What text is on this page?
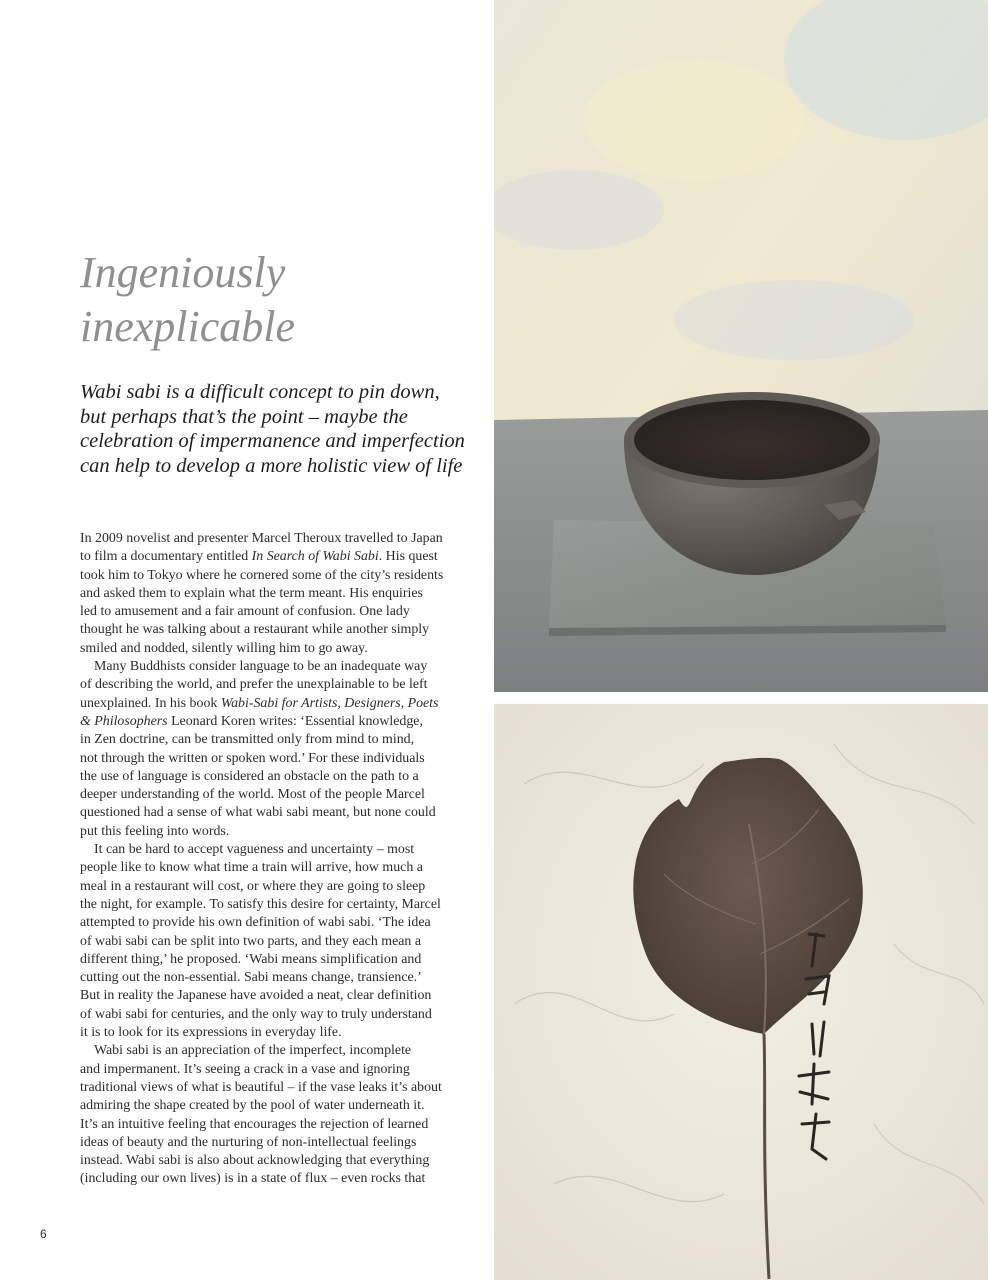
Ingeniously
inexplicable

Wabi sabi is a difficult concept to pin down,
but perhaps that’s the point – maybe the
celebration of impermanence and imperfection
can help to develop a more holistic view of life

In 2009 novelist and presenter Marcel Theroux travelled to Japan
to film a documentary entitled In Search of Wabi Sabi. His quest
took him to Tokyo where he cornered some of the city’s residents
and asked them to explain what the term meant. His enquiries
led to amusement and a fair amount of confusion. One lady
thought he was talking about a restaurant while another simply
smiled and nodded, silently willing him to go away.
Many Buddhists consider language to be an inadequate way
of describing the world, and prefer the unexplainable to be left
unexplained. In his book Wabi-Sabi for Artists, Designers, Poets
& Philosophers Leonard Koren writes: ‘Essential knowledge,
in Zen doctrine, can be transmitted only from mind to mind,
not through the written or spoken word.’ For these individuals
the use of language is considered an obstacle on the path to a
deeper understanding of the world. Most of the people Marcel
questioned had a sense of what wabi sabi meant, but none could
put this feeling into words.
It can be hard to accept vagueness and uncertainty – most
people like to know what time a train will arrive, how much a
meal in a restaurant will cost, or where they are going to sleep
the night, for example. To satisfy this desire for certainty, Marcel
attempted to provide his own definition of wabi sabi. ‘The idea
of wabi sabi can be split into two parts, and they each mean a
different thing,’ he proposed. ‘Wabi means simplification and
cutting out the non-essential. Sabi means change, transience.’
But in reality the Japanese have avoided a neat, clear definition
of wabi sabi for centuries, and the only way to truly understand
it is to look for its expressions in everyday life.
Wabi sabi is an appreciation of the imperfect, incomplete
and impermanent. It’s seeing a crack in a vase and ignoring
traditional views of what is beautiful – if the vase leaks it’s about
admiring the shape created by the pool of water underneath it.
It’s an intuitive feeling that encourages the rejection of learned
ideas of beauty and the nurturing of non-intellectual feelings
instead. Wabi sabi is also about acknowledging that everything
(including our own lives) is in a state of flux – even rocks that
6
